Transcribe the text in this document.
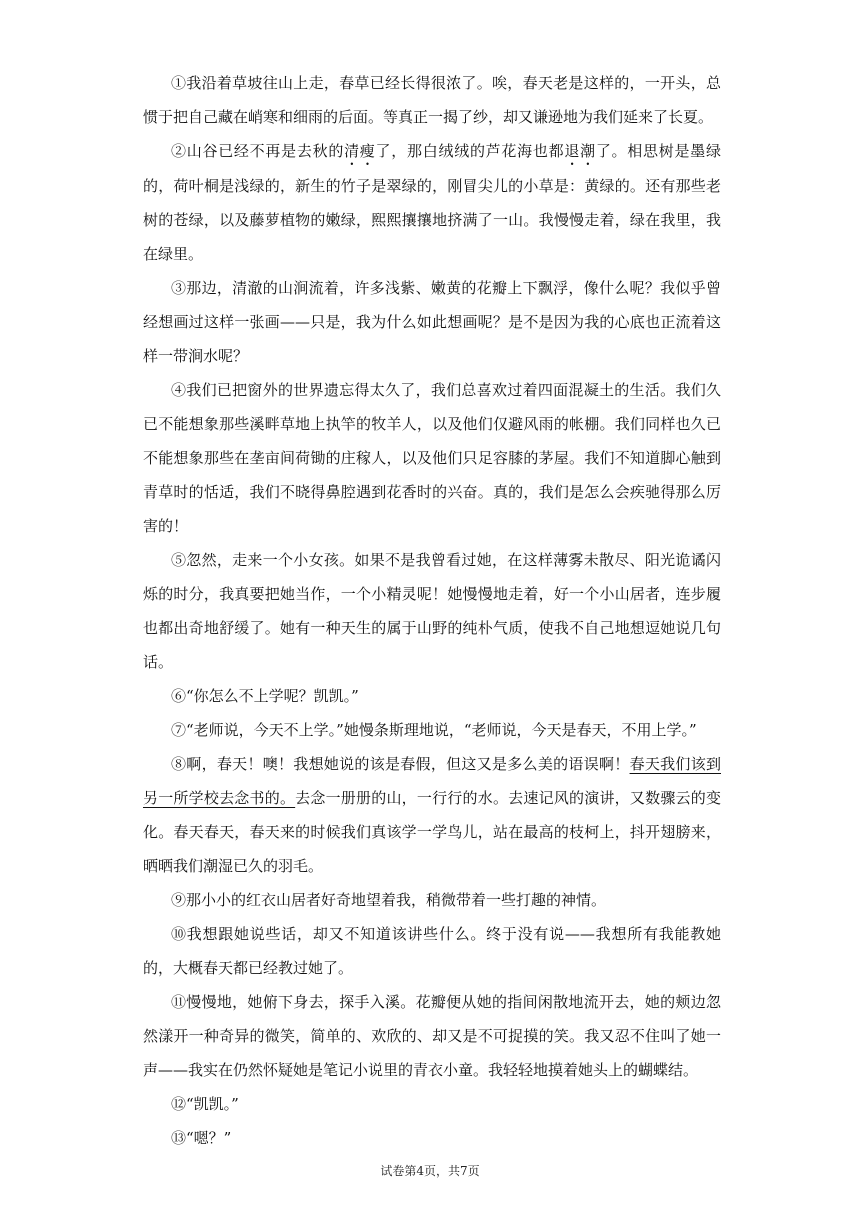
①我沿着草坡往山上走，春草已经长得很浓了。唉，春天老是这样的，一开头，总惯于把自己藏在峭寒和细雨的后面。等真正一揭了纱，却又谦逊地为我们延来了长夏。

②山谷已经不再是去秋的清瘦了，那白绒绒的芦花海也都退潮了。相思树是墨绿的，荷叶桐是浅绿的，新生的竹子是翠绿的，刚冒尖儿的小草是：黄绿的。还有那些老树的苍绿，以及藤萝植物的嫩绿，熙熙攘攘地挤满了一山。我慢慢走着，绿在我里，我在绿里。

③那边，清澈的山涧流着，许多浅紫、嫩黄的花瓣上下飘浮，像什么呢？我似乎曾经想画过这样一张画——只是，我为什么如此想画呢？是不是因为我的心底也正流着这样一带涧水呢？

④我们已把窗外的世界遗忘得太久了，我们总喜欢过着四面混凝土的生活。我们久已不能想象那些溪畔草地上执竿的牧羊人，以及他们仅避风雨的帐棚。我们同样也久已不能想象那些在垄亩间荷锄的庄稼人，以及他们只足容膝的茅屋。我们不知道脚心触到青草时的恬适，我们不晓得鼻腔遇到花香时的兴奋。真的，我们是怎么会疾驰得那么厉害的！

⑤忽然，走来一个小女孩。如果不是我曾看过她，在这样薄雾未散尽、阳光诡谲闪烁的时分，我真要把她当作，一个小精灵呢！她慢慢地走着，好一个小山居者，连步履也都出奇地舒缓了。她有一种天生的属于山野的纯朴气质，使我不自己地想逗她说几句话。

⑥“你怎么不上学呢？凯凯。”

⑦“老师说，今天不上学。”她慢条斯理地说，“老师说，今天是春天，不用上学。”

⑧啊，春天！噢！我想她说的该是春假，但这又是多么美的语误啊！春天我们该到另一所学校去念书的。去念一册册的山，一行行的水。去速记风的演讲，又数骤云的变化。春天春天，春天来的时候我们真该学一学鸟儿，站在最高的枝柯上，抖开翅膀来，晒晒我们潮湿已久的羽毛。

⑨那小小的红衣山居者好奇地望着我，稍微带着一些打趣的神情。

⑩我想跟她说些话，却又不知道该讲些什么。终于没有说——我想所有我能教她的，大概春天都已经教过她了。

⑪慢慢地，她俯下身去，探手入溪。花瓣便从她的指间闲散地流开去，她的颊边忽然漾开一种奇异的微笑，简单的、欢欣的、却又是不可捉摸的笑。我又忍不住叫了她一声——我实在仍然怀疑她是笔记小说里的青衣小童。我轻轻地摸着她头上的蝴蝶结。

⑫“凯凯。”

⑬“嗯？”

试卷第4页，共7页
